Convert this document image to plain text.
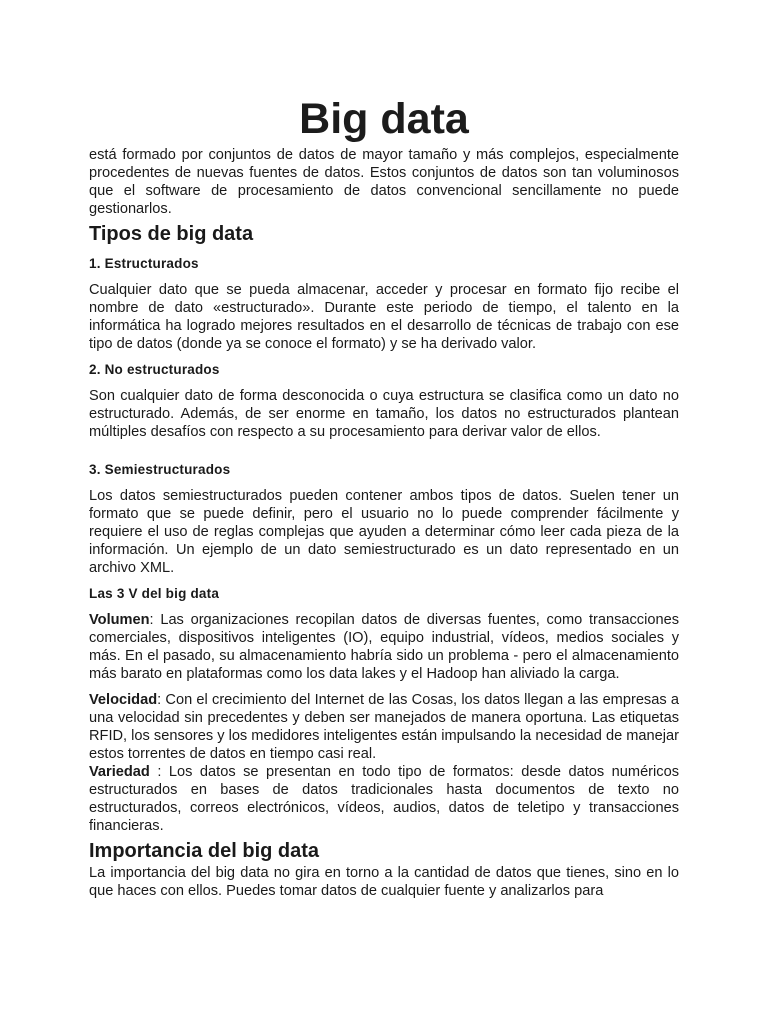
Big data

está formado por conjuntos de datos de mayor tamaño y más complejos, especialmente procedentes de nuevas fuentes de datos. Estos conjuntos de datos son tan voluminosos que el software de procesamiento de datos convencional sencillamente no puede gestionarlos.

Tipos de big data
1. Estructurados

Cualquier dato que se pueda almacenar, acceder y procesar en formato fijo recibe el nombre de dato «estructurado». Durante este periodo de tiempo, el talento en la informática ha logrado mejores resultados en el desarrollo de técnicas de trabajo con ese tipo de datos (donde ya se conoce el formato) y se ha derivado valor.

2. No estructurados

Son cualquier dato de forma desconocida o cuya estructura se clasifica como un dato no estructurado. Además, de ser enorme en tamaño, los datos no estructurados plantean múltiples desafíos con respecto a su procesamiento para derivar valor de ellos.

3. Semiestructurados

Los datos semiestructurados pueden contener ambos tipos de datos. Suelen tener un formato que se puede definir, pero el usuario no lo puede comprender fácilmente y requiere el uso de reglas complejas que ayuden a determinar cómo leer cada pieza de la información. Un ejemplo de un dato semiestructurado es un dato representado en un archivo XML.

Las 3 V del big data

Volumen: Las organizaciones recopilan datos de diversas fuentes, como transacciones comerciales, dispositivos inteligentes (IO), equipo industrial, vídeos, medios sociales y más. En el pasado, su almacenamiento habría sido un problema - pero el almacenamiento más barato en plataformas como los data lakes y el Hadoop han aliviado la carga.

Velocidad: Con el crecimiento del Internet de las Cosas, los datos llegan a las empresas a una velocidad sin precedentes y deben ser manejados de manera oportuna. Las etiquetas RFID, los sensores y los medidores inteligentes están impulsando la necesidad de manejar estos torrentes de datos en tiempo casi real.

Variedad : Los datos se presentan en todo tipo de formatos: desde datos numéricos estructurados en bases de datos tradicionales hasta documentos de texto no estructurados, correos electrónicos, vídeos, audios, datos de teletipo y transacciones financieras.

Importancia del big data

La importancia del big data no gira en torno a la cantidad de datos que tienes, sino en lo que haces con ellos. Puedes tomar datos de cualquier fuente y analizarlos para
